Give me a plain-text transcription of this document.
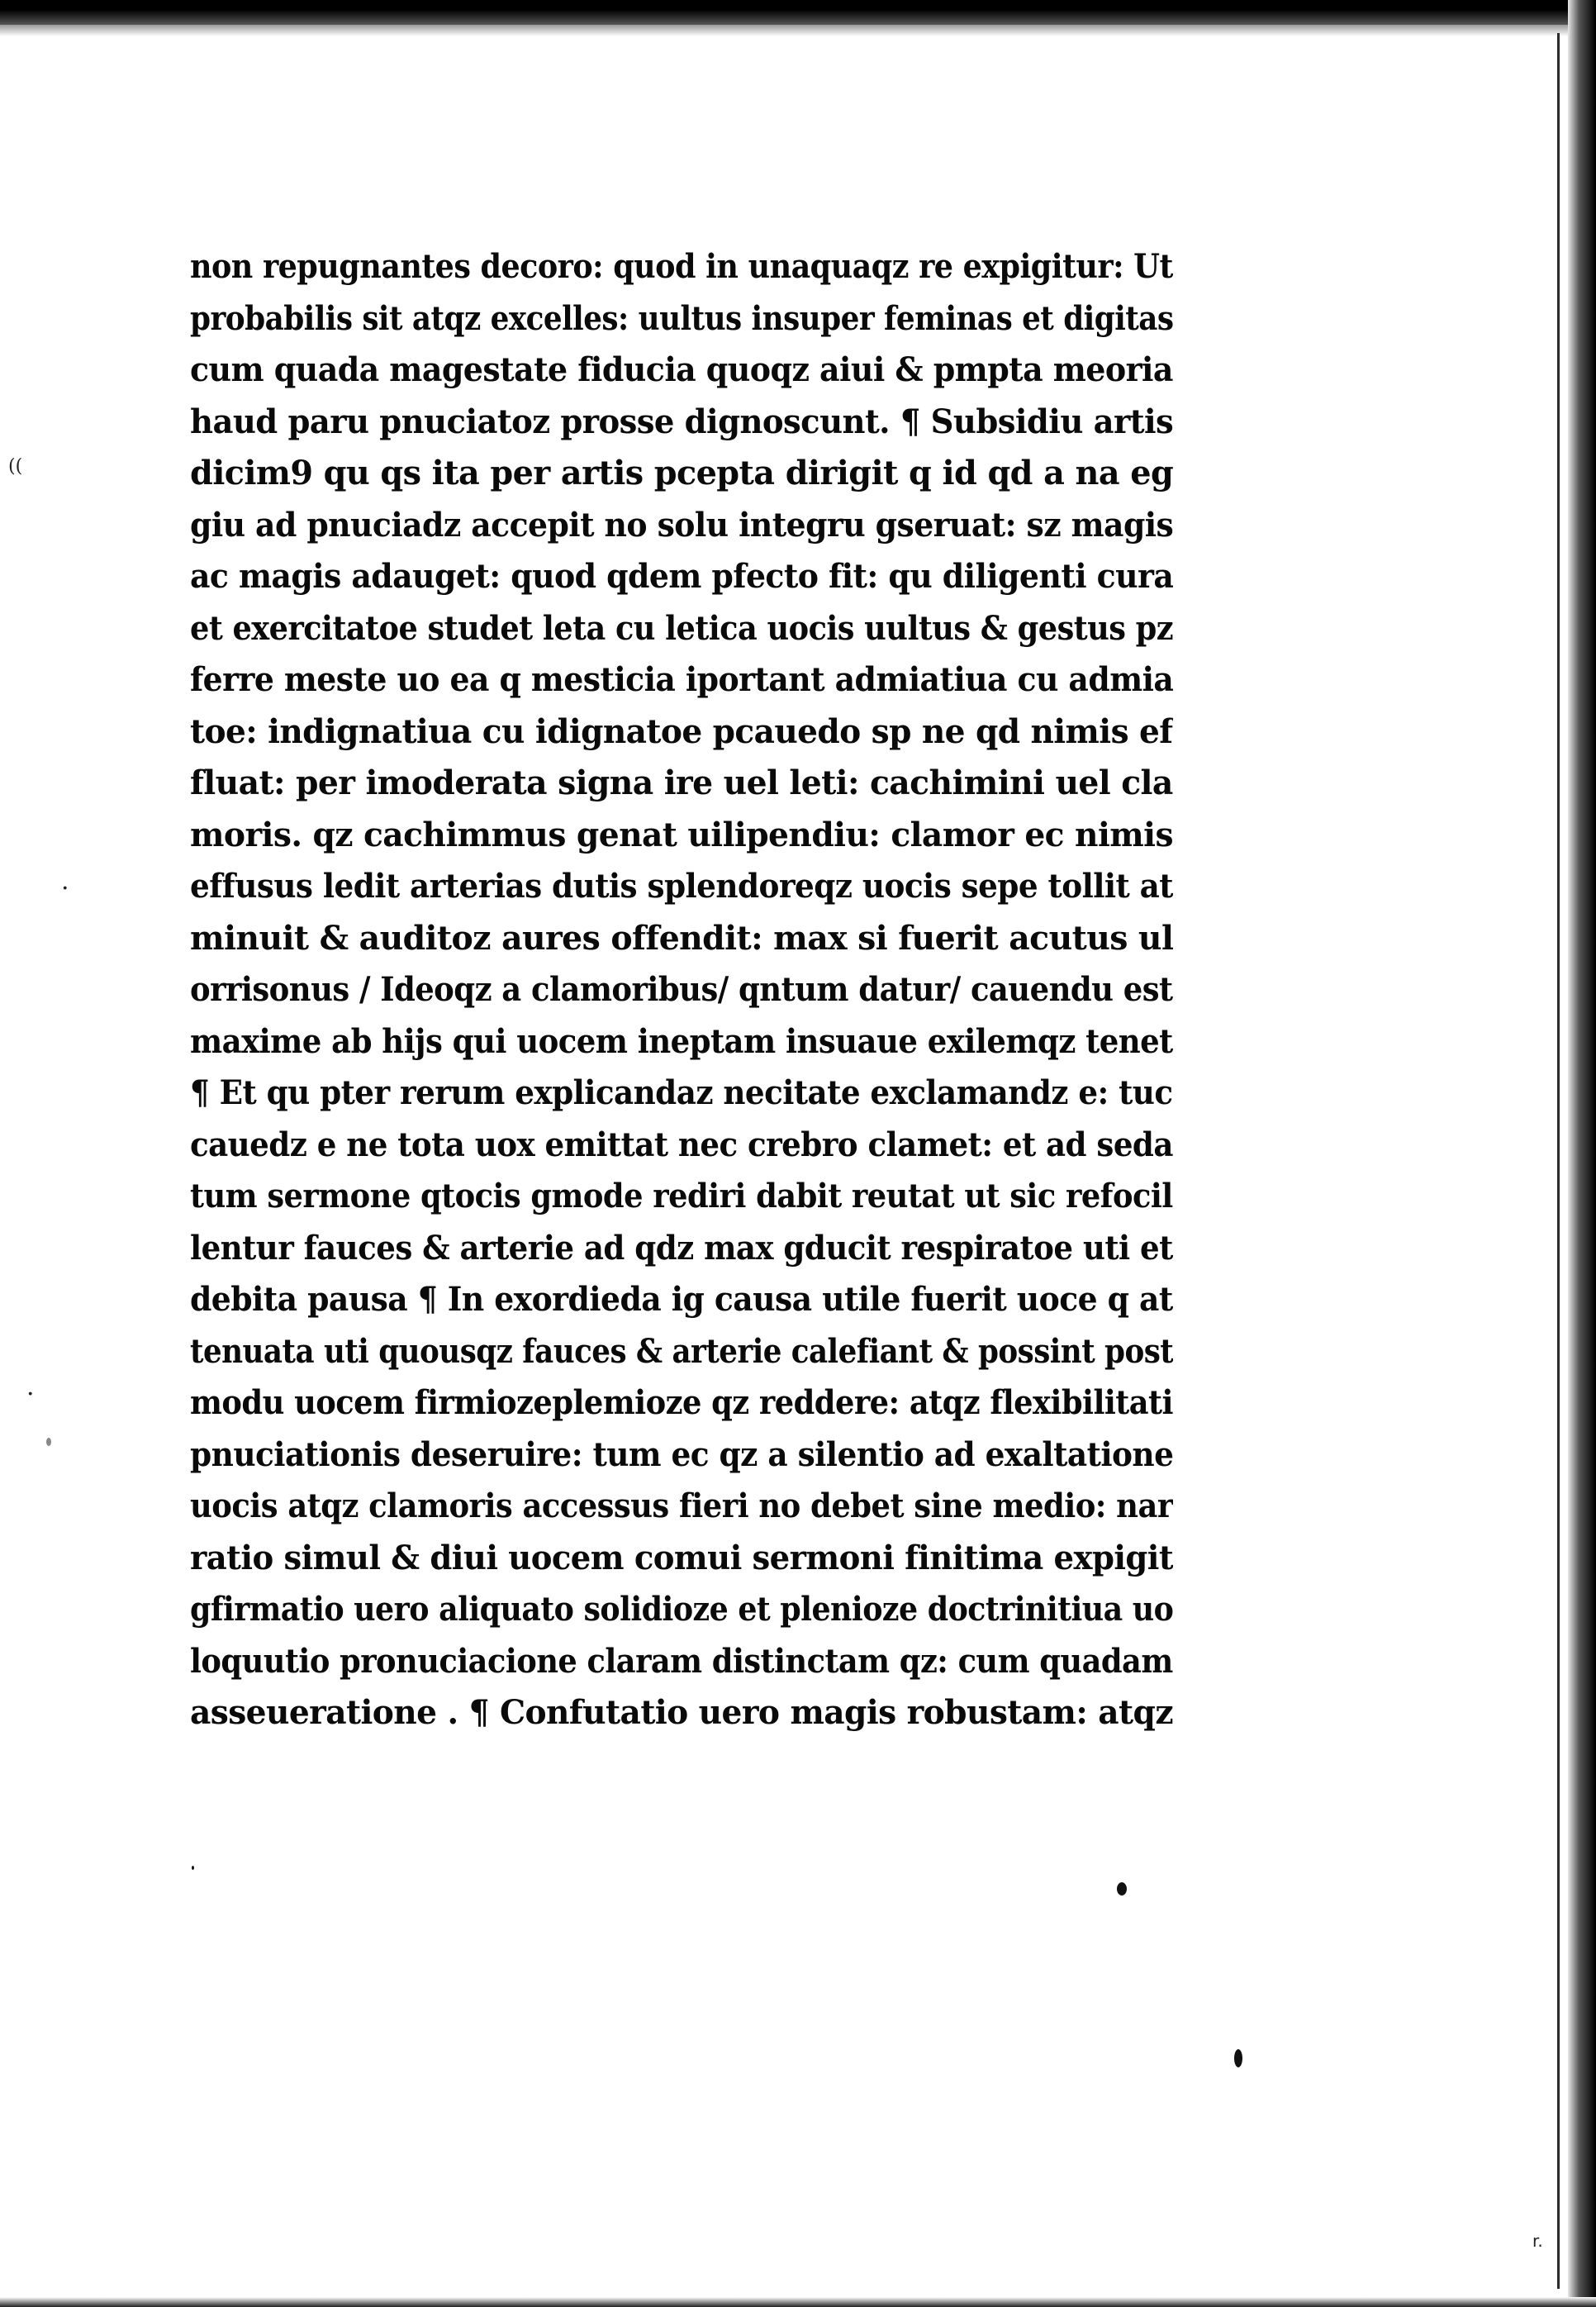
((
·
·
non repugnantes decoro: quod in unaquaqz re expigitur: Ut
probabilis sit atqz excelles: uultus insuper feminas et digitas
cum quada magestate fiducia quoqz aiui & pmpta meoria
haud paru pnuciatoz prosse dignoscunt. ¶ Subsidiu artis
dicim9 qu qs ita per artis pcepta dirigit q id qd a na eg
giu ad pnuciadz accepit no solu integru gseruat: sz magis
ac magis adauget: quod qdem pfecto fit: qu diligenti cura
et exercitatoe studet leta cu letica uocis uultus & gestus pz
ferre meste uo ea q mesticia iportant admiatiua cu admia
toe: indignatiua cu idignatoe pcauedo sp ne qd nimis ef
fluat: per imoderata signa ire uel leti: cachimini uel cla
moris. qz cachimmus genat uilipendiu: clamor ec nimis
effusus ledit arterias dutis splendoreqz uocis sepe tollit at
minuit & auditoz aures offendit: max si fuerit acutus ul
orrisonus / Ideoqz a clamoribus/ qntum datur/ cauendu est
maxime ab hijs qui uocem ineptam insuaue exilemqz tenet
¶ Et qu pter rerum explicandaz necitate exclamandz e: tuc
cauedz e ne tota uox emittat nec crebro clamet: et ad seda
tum sermone qtocis gmode rediri dabit reutat ut sic refocil
lentur fauces & arterie ad qdz max gducit respiratoe uti et
debita pausa ¶ In exordieda ig causa utile fuerit uoce q at
tenuata uti quousqz fauces & arterie calefiant & possint post
modu uocem firmiozeplemioze qz reddere: atqz flexibilitati
pnuciationis deseruire: tum ec qz a silentio ad exaltatione
uocis atqz clamoris accessus fieri no debet sine medio: nar
ratio simul & diui uocem comui sermoni finitima expigit
gfirmatio uero aliquato solidioze et plenioze doctrinitiua uo
loquutio pronuciacione claram distinctam qz: cum quadam
asseueratione . ¶ Confutatio uero magis robustam: atqz
r.
